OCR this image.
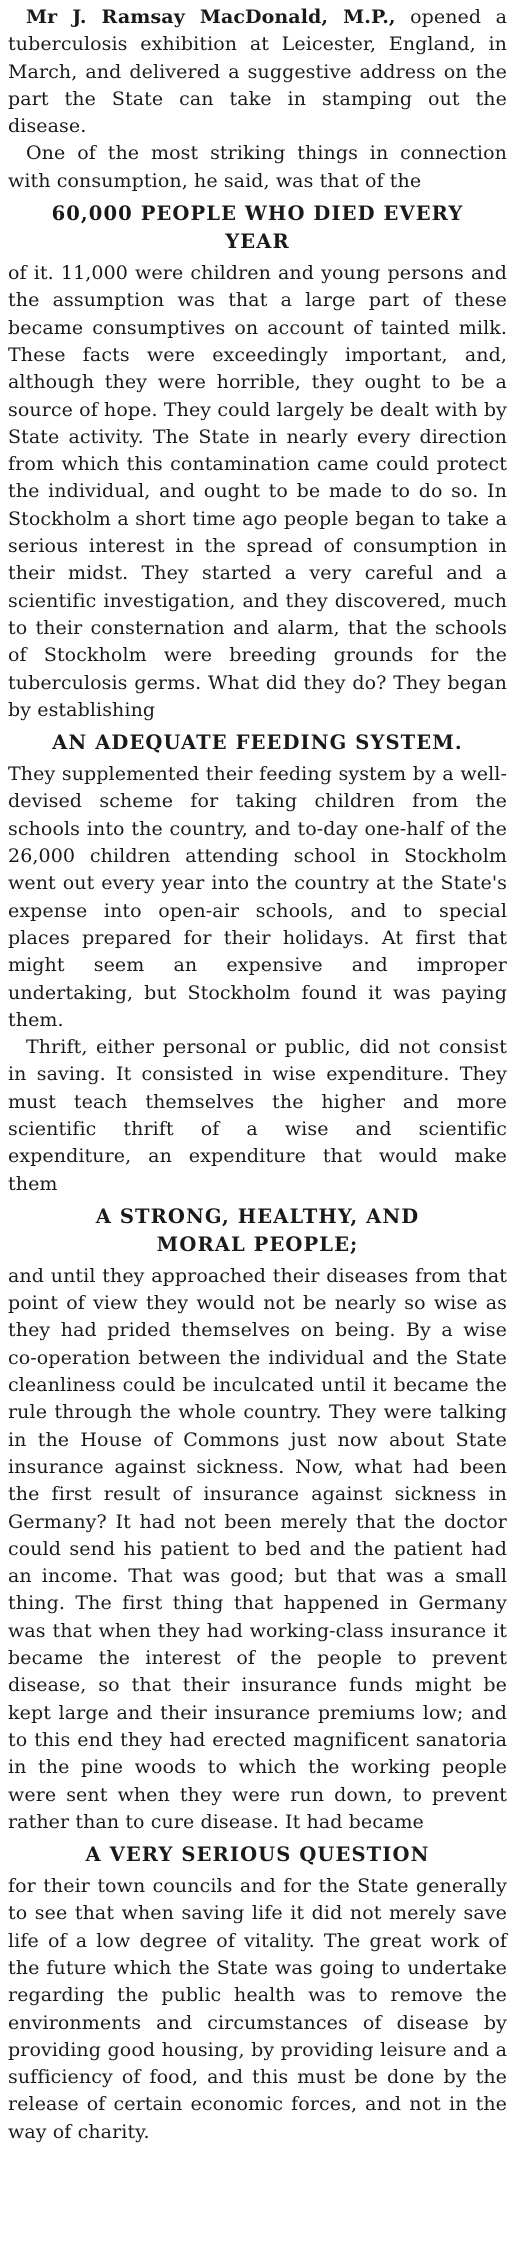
Mr J. Ramsay MacDonald, M.P., opened a tuberculosis exhibition at Leicester, England, in March, and delivered a suggestive address on the part the State can take in stamping out the disease.

One of the most striking things in connection with consumption, he said, was that of the

60,000 PEOPLE WHO DIED EVERY
YEAR

of it. 11,000 were children and young persons and the assumption was that a large part of these became consumptives on account of tainted milk. These facts were exceedingly important, and, although they were horrible, they ought to be a source of hope. They could largely be dealt with by State activity. The State in nearly every direction from which this contamination came could protect the individual, and ought to be made to do so. In Stockholm a short time ago people began to take a serious interest in the spread of consumption in their midst. They started a very careful and a scientific investigation, and they discovered, much to their consternation and alarm, that the schools of Stockholm were breeding grounds for the tuberculosis germs. What did they do? They began by establishing

AN ADEQUATE FEEDING SYSTEM.

They supplemented their feeding system by a well-devised scheme for taking children from the schools into the country, and to-day one-half of the 26,000 children attending school in Stockholm went out every year into the country at the State's expense into open-air schools, and to special places prepared for their holidays. At first that might seem an expensive and improper undertaking, but Stockholm found it was paying them.

Thrift, either personal or public, did not consist in saving. It consisted in wise expenditure. They must teach themselves the higher and more scientific thrift of a wise and scientific expenditure, an expenditure that would make them

A STRONG, HEALTHY, AND
MORAL PEOPLE;

and until they approached their diseases from that point of view they would not be nearly so wise as they had prided themselves on being. By a wise co-operation between the individual and the State cleanliness could be inculcated until it became the rule through the whole country. They were talking in the House of Commons just now about State insurance against sickness. Now, what had been the first result of insurance against sickness in Germany? It had not been merely that the doctor could send his patient to bed and the patient had an income. That was good; but that was a small thing. The first thing that happened in Germany was that when they had working-class insurance it became the interest of the people to prevent disease, so that their insurance funds might be kept large and their insurance premiums low; and to this end they had erected magnificent sanatoria in the pine woods to which the working people were sent when they were run down, to prevent rather than to cure disease. It had became

A VERY SERIOUS QUESTION

for their town councils and for the State generally to see that when saving life it did not merely save life of a low degree of vitality. The great work of the future which the State was going to undertake regarding the public health was to remove the environments and circumstances of disease by providing good housing, by providing leisure and a sufficiency of food, and this must be done by the release of certain economic forces, and not in the way of charity.
